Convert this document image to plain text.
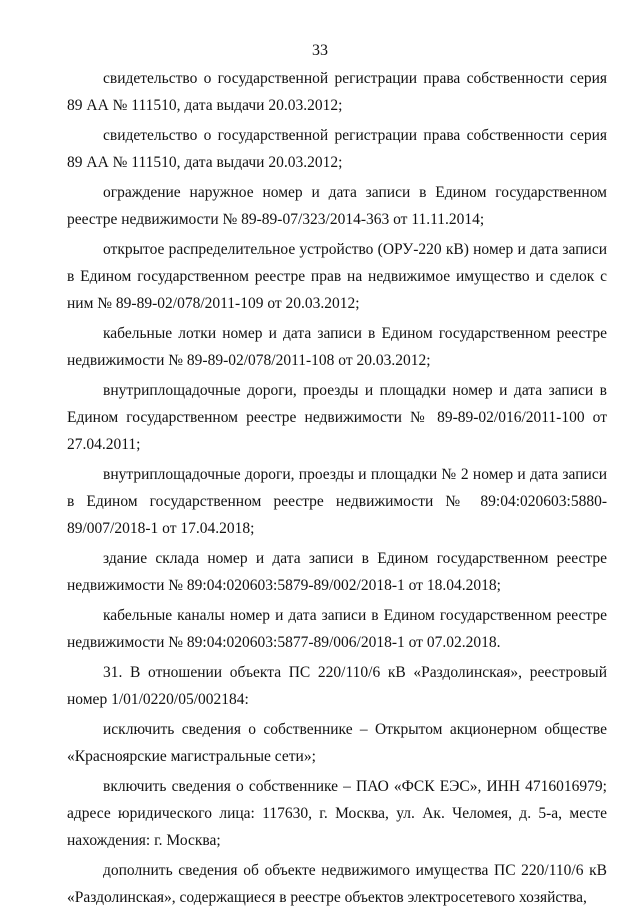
33

свидетельство о государственной регистрации права собственности серия 89 АА № 111510, дата выдачи 20.03.2012;

свидетельство о государственной регистрации права собственности серия 89 АА № 111510, дата выдачи 20.03.2012;

ограждение наружное номер и дата записи в Едином государственном реестре недвижимости № 89-89-07/323/2014-363 от 11.11.2014;

открытое распределительное устройство (ОРУ-220 кВ) номер и дата записи в Едином государственном реестре прав на недвижимое имущество и сделок с ним № 89-89-02/078/2011-109 от 20.03.2012;

кабельные лотки номер и дата записи в Едином государственном реестре недвижимости № 89-89-02/078/2011-108 от 20.03.2012;

внутриплощадочные дороги, проезды и площадки номер и дата записи в Едином государственном реестре недвижимости № 89-89-02/016/2011-100 от 27.04.2011;

внутриплощадочные дороги, проезды и площадки № 2 номер и дата записи в Едином государственном реестре недвижимости № 89:04:020603:5880-89/007/2018-1 от 17.04.2018;

здание склада номер и дата записи в Едином государственном реестре недвижимости № 89:04:020603:5879-89/002/2018-1 от 18.04.2018;

кабельные каналы номер и дата записи в Едином государственном реестре недвижимости № 89:04:020603:5877-89/006/2018-1 от 07.02.2018.

31. В отношении объекта ПС 220/110/6 кВ «Раздолинская», реестровый номер 1/01/0220/05/002184:

исключить сведения о собственнике – Открытом акционерном обществе «Красноярские магистральные сети»;

включить сведения о собственнике – ПАО «ФСК ЕЭС», ИНН 4716016979; адресе юридического лица: 117630, г. Москва, ул. Ак. Челомея, д. 5-а, месте нахождения: г. Москва;

дополнить сведения об объекте недвижимого имущества ПС 220/110/6 кВ «Раздолинская», содержащиеся в реестре объектов электросетевого хозяйства,
